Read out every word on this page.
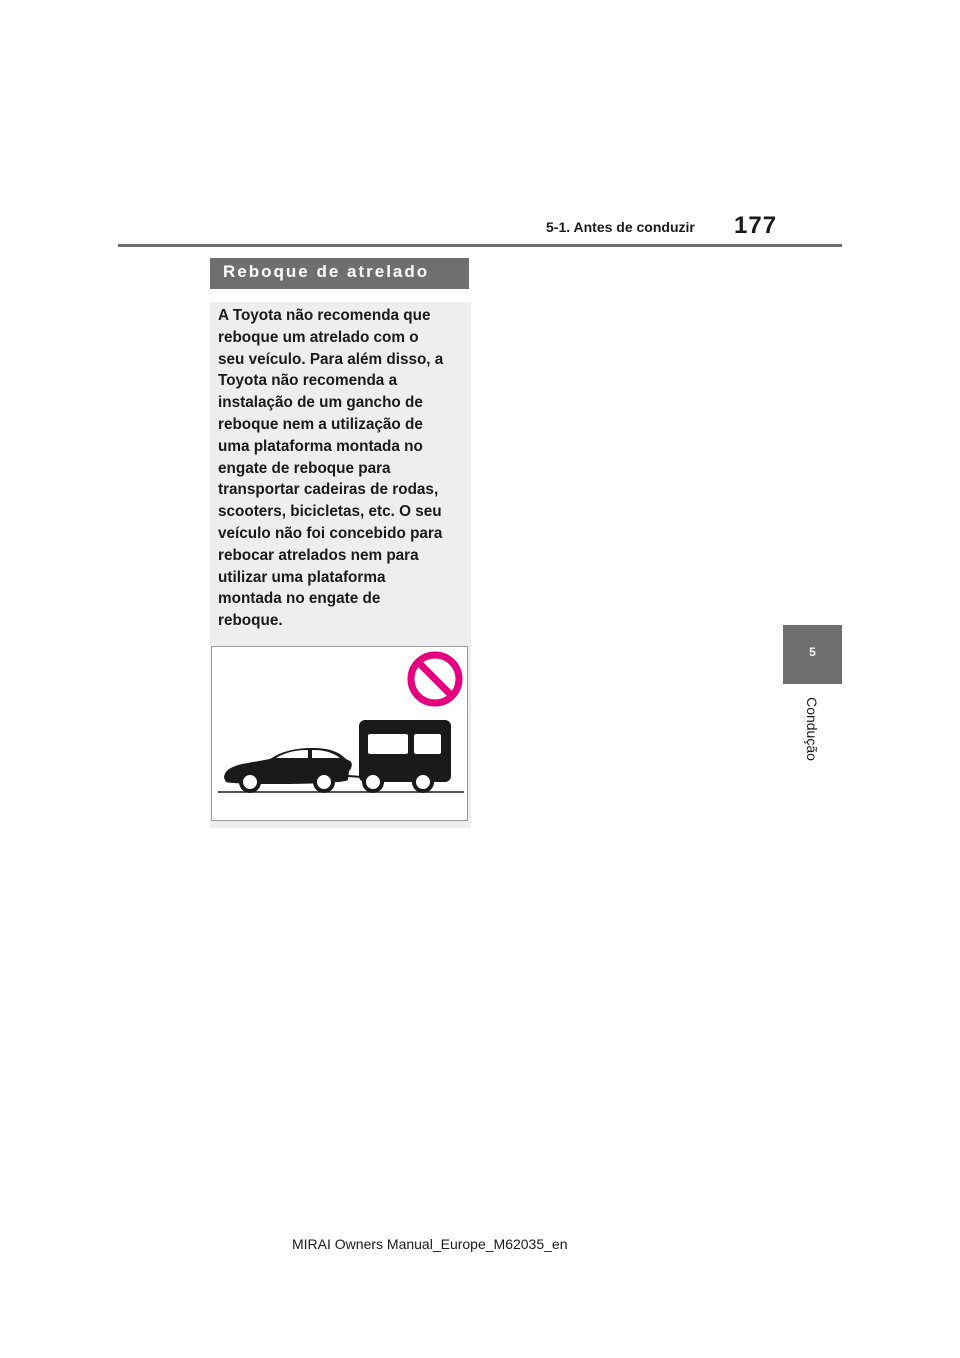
177
5-1. Antes de conduzir
Reboque de atrelado
A Toyota não recomenda que
reboque um atrelado com o
seu veículo. Para além disso, a
Toyota não recomenda a
instalação de um gancho de
reboque nem a utilização de
uma plataforma montada no
engate de reboque para
transportar cadeiras de rodas,
scooters, bicicletas, etc. O seu
veículo não foi concebido para
rebocar atrelados nem para
utilizar uma plataforma
montada no engate de
reboque.
5
Condução
MIRAI Owners Manual_Europe_M62035_en
